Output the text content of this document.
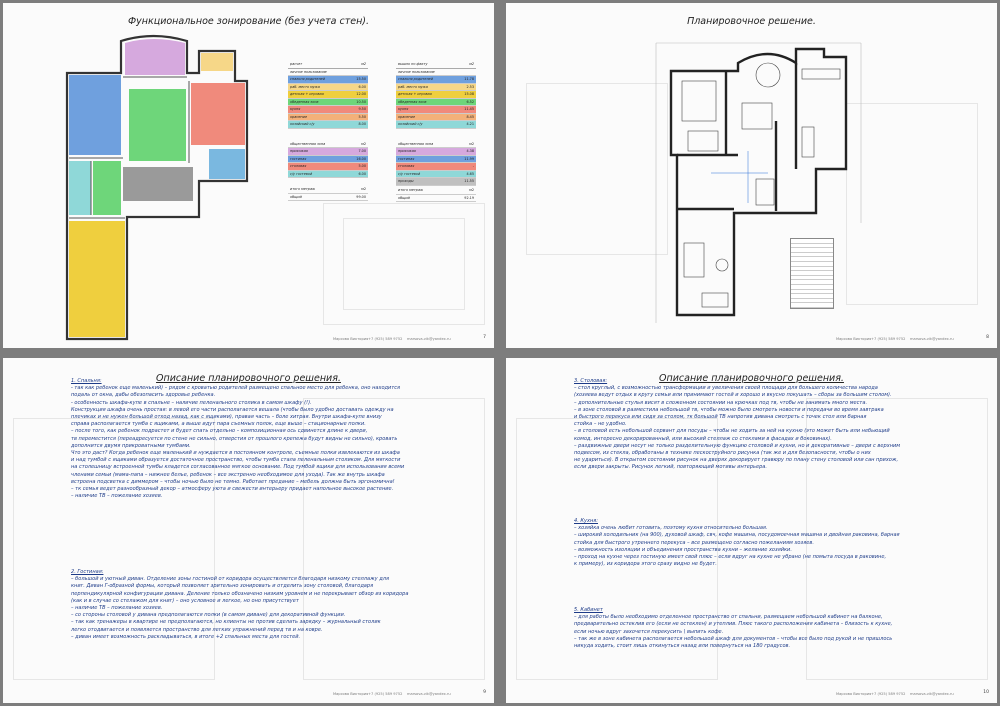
Функциональное зонирование (без учета стен).
расчет	м2
личное пользование
спальня родителей	15.50
раб. место мужа	6.00
детская + игровая	12.00
обеденная зона	10.50
кухня	9.50
хранение	5.50
хозяйский с/у	8.00
общественная зона	м2
прихожая	7.00
гостиная	16.00
столовая	5.00
с/у гостевой	6.00
итого метраж	м2
общий	99.00
вышло по факту	м2
личное пользование
спальня родителей	11.78
раб. место мужа	2.53
детская + игровая	15.08
обеденная зона	6.52
кухня	11.45
хранение	8.45
хозяйский с/у	4.21
общественная зона	м2
прихожая	4.38
гостиная	11.99
столовая	-
с/у гостевой	4.65
проходы	11.55
итого метраж	м2
общий	92.19
Марсова Виктория +7 (925) 589 9752 marsova-vik@yandex.ru	7
Планировочное решение.
Марсова Виктория +7 (925) 589 9752 marsova-vik@yandex.ru	8
Описание планировочного решения.
1. Спальня:

- так как ребенок еще маленький) – рядом с кроватью родителей размещено спальное место для ребенка, оно находится

подаль от окна, дабы обезопасить здоровье ребенка.

- особенность шкафа-купе в спальне – наличие пеленального столика в самом шкафу (!).

Конструкция шкафа очень простая: в левой его части располагается вешала (чтобы было удобно доставать одежду на

плечиках и не нужен большой отход назад, как с ящиками), правая часть – боле хитрая. Внутри шкафа-купе внизу

справа располагается тумба с ящиками, а выше идут пара съемных полок, еще выше – стационарные полки.

– после того, как ребенок подрастет и будет спать отдельно – композиционная ось сдвинется длине к двери,

тв переместится (переадресуется по стене не сильно, отверстия от прошлого крепежа будут видны не сильно), кровать

дополнится двумя прикроватными тумбами.

Что это даст? Когда ребенок еще маленький и нуждается в постоянном контроле, съемные полки извлекаются из шкафа

и над тумбой с ящиками образуется достаточное пространство, чтобы тумба стала пеленальным столиком. Для мягкости

на столешницу встроенной тумбы кладется согласованное мягкое основание. Под тумбой ящики для использования всеми

членами семьи (мама-папа – нижнее белье, ребенок – все экстренно необходимое для ухода). Так же внутрь шкафа

встроена подсветка с диммером – чтобы ночью было не темно. Работает предание – мебель должна быть эргономична!

– тк семья ведет разнообразный декор – атмосферу уюта и свежести интерьеру придает напольное высокое растение.

– наличие ТВ – пожелание хозяев.

2. Гостиная:

– большой и уютный диван. Отделение зоны гостиной от коридора осуществляется благодаря низкому стеллажу для

книг. Диван Г-образной формы, который позволяет зрительно зонировать и отделить зону столовой, благодаря

перпендикулярной конфигурации дивана. Деление только обозначено низким уровнем и не перекрывает обзор из коридора

(как и в случае со стелажом для книг) – оно условное и легкое, но оно присутствует

– наличие ТВ – пожелание хозяев.

– со стороны столовой у дивана предполагаются полки (в самом диване) для декоративной функции.

– так как тренажеры в квартире не предполагаются, но клиенты не против сделать зарядку – журнальный столик

легко отодвигается и появляется пространство для легких упражнений перед тв и на ковре.

– диван имеет возможность раскладываться, в итоге +2 спальных места для гостей.

Марсова Виктория +7 (925) 589 9752 marsova-vik@yandex.ru	9
Описание планировочного решения.
3. Столовая:

– стол круглый, с возможностью трансформации и увеличения своей площади для большего количества народа

(хозяева ведут отдых в кругу семьи или принимают гостей и хорошо и вкусно покушать – сборы за большим столом).

– дополнительные стулья висят в сложенном состоянии на крючках под тв, чтобы не занимать много места.

– в зоне столовой в разместила небольшой тв, чтобы можно было смотреть новости и передачи во время завтрака

и быстрого перекуса или сидя за столом, тк большой ТВ напротив дивана смотреть с точек стол или барная

стойка – не удобно.

– в столовой есть небольшой сервант для посуды – чтобы не ходить за ней на кухню (это может быть или небьющий

комод, интересно декорированный, или высокий стеллаж со стеклами в фасадах и боковинах).

– раздвижные двери несут не только разделительную функцию столовой и кухни, но и декоративные – двери с верхним

подвесом, из стекла, обработаны в технике пескоструйного рисунка (так же и для безопасности, чтобы о них

не удариться). В открытом состоянии рисунок на дверях декорирует гравюру по плану стену столовой или сан прихож,

если двери закрыты. Рисунок легкий, повторяющий мотивы интерьера.

4. Кухня:

– хозяйка очень любит готовить, поэтому кухня относительно большая.

– широкий холодильник (на 900), духовой шкаф, свч, кофе машина, посудомоечная машина и двойная раковина, барная

стойка для быстрого утреннего перекуса – все размещено согласно пожеланиям хозяев.

– возможность изоляции и объединения пространства кухни – желание хозяйки.

– проход на кухне через гостиную имеет свой плюс – если вдруг на кухне не убрано (не помыта посуда в раковине,

к примеру), из коридора этого сразу видно не будет.

5. Кабинет

– для работы было необходимо отделенное пространство от спальни, размещаем небольшой кабинет на балконе,

предварительно остеклив его (если не остеклен) и утеплив. Плюс такого расположения кабинета – близость к кухне,

если ночью вдруг захочется перекусить \ выпить кофе.

– так же в зоне кабинета располагается небольшой шкаф для документов – чтобы все было под рукой и не пришлось

никуда ходить, стоит лишь откинуться назад или повернуться на 180 градусов.

Марсова Виктория +7 (925) 589 9752 marsova-vik@yandex.ru	10
